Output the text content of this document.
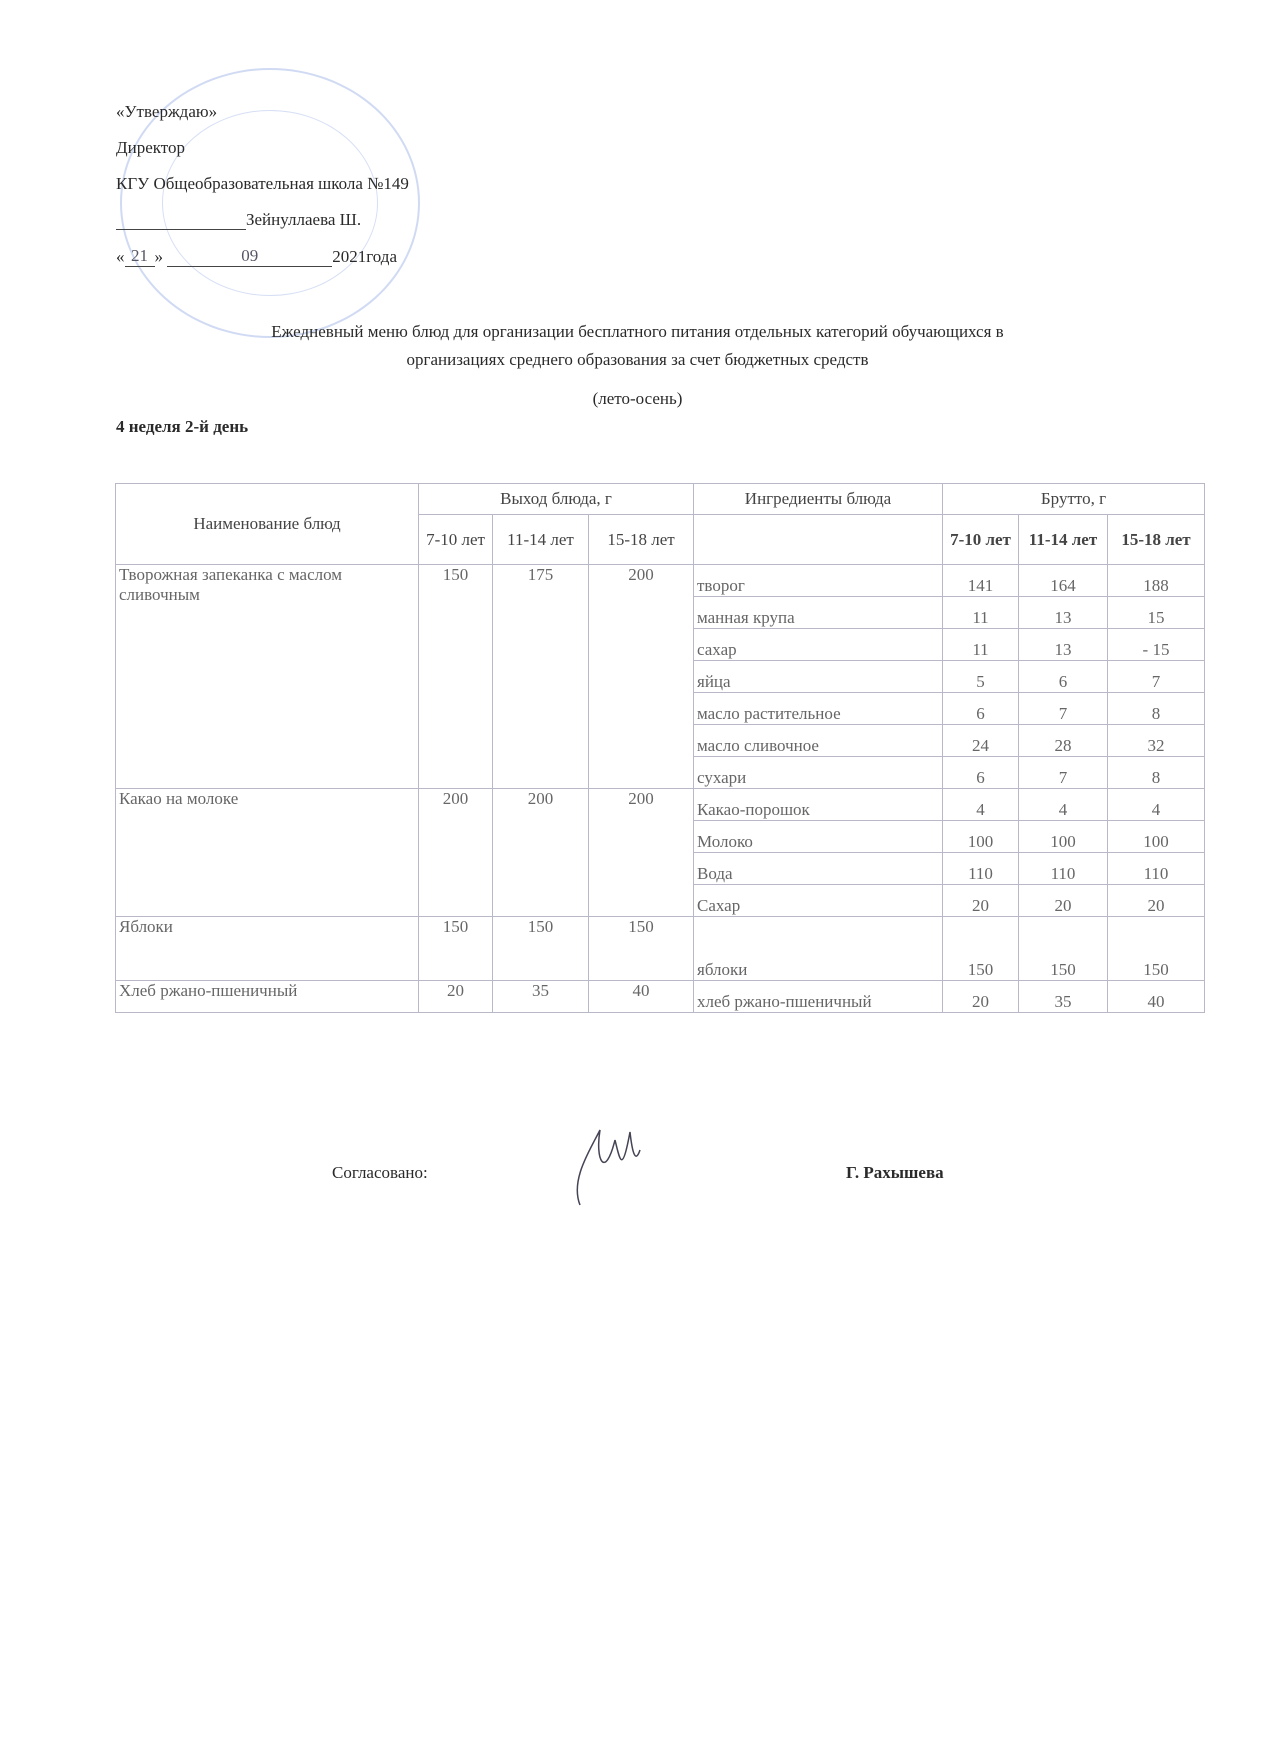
«Утверждаю»
Директор
КГУ Общеобразовательная школа №149
Зейнуллаева Ш.
« 21 »	09	2021года
Ежедневный меню блюд для организации бесплатного питания отдельных категорий обучающихся в
организациях среднего образования за счет бюджетных средств
(лето-осень)
4 неделя 2-й день
Наименование блюд	Выход блюда, г			Ингредиенты блюда	Брутто, г		
	7-10 лет	11-14 лет	15-18 лет		7-10 лет	11-14 лет	15-18 лет
Творожная запеканка с маслом сливочным	150	175	200	творог	141	164	188
				манная крупа	11	13	15
				сахар	11	13	- 15
				яйца	5	6	7
				масло растительное	6	7	8
				масло сливочное	24	28	32
				сухари	6	7	8
Какао на молоке	200	200	200	Какао-порошок	4	4	4
				Молоко	100	100	100
				Вода	110	110	110
				Сахар	20	20	20
Яблоки	150	150	150	яблоки	150	150	150
Хлеб ржано-пшеничный	20	35	40	хлеб ржано-пшеничный	20	35	40
Согласовано:	Г. Рахышева
